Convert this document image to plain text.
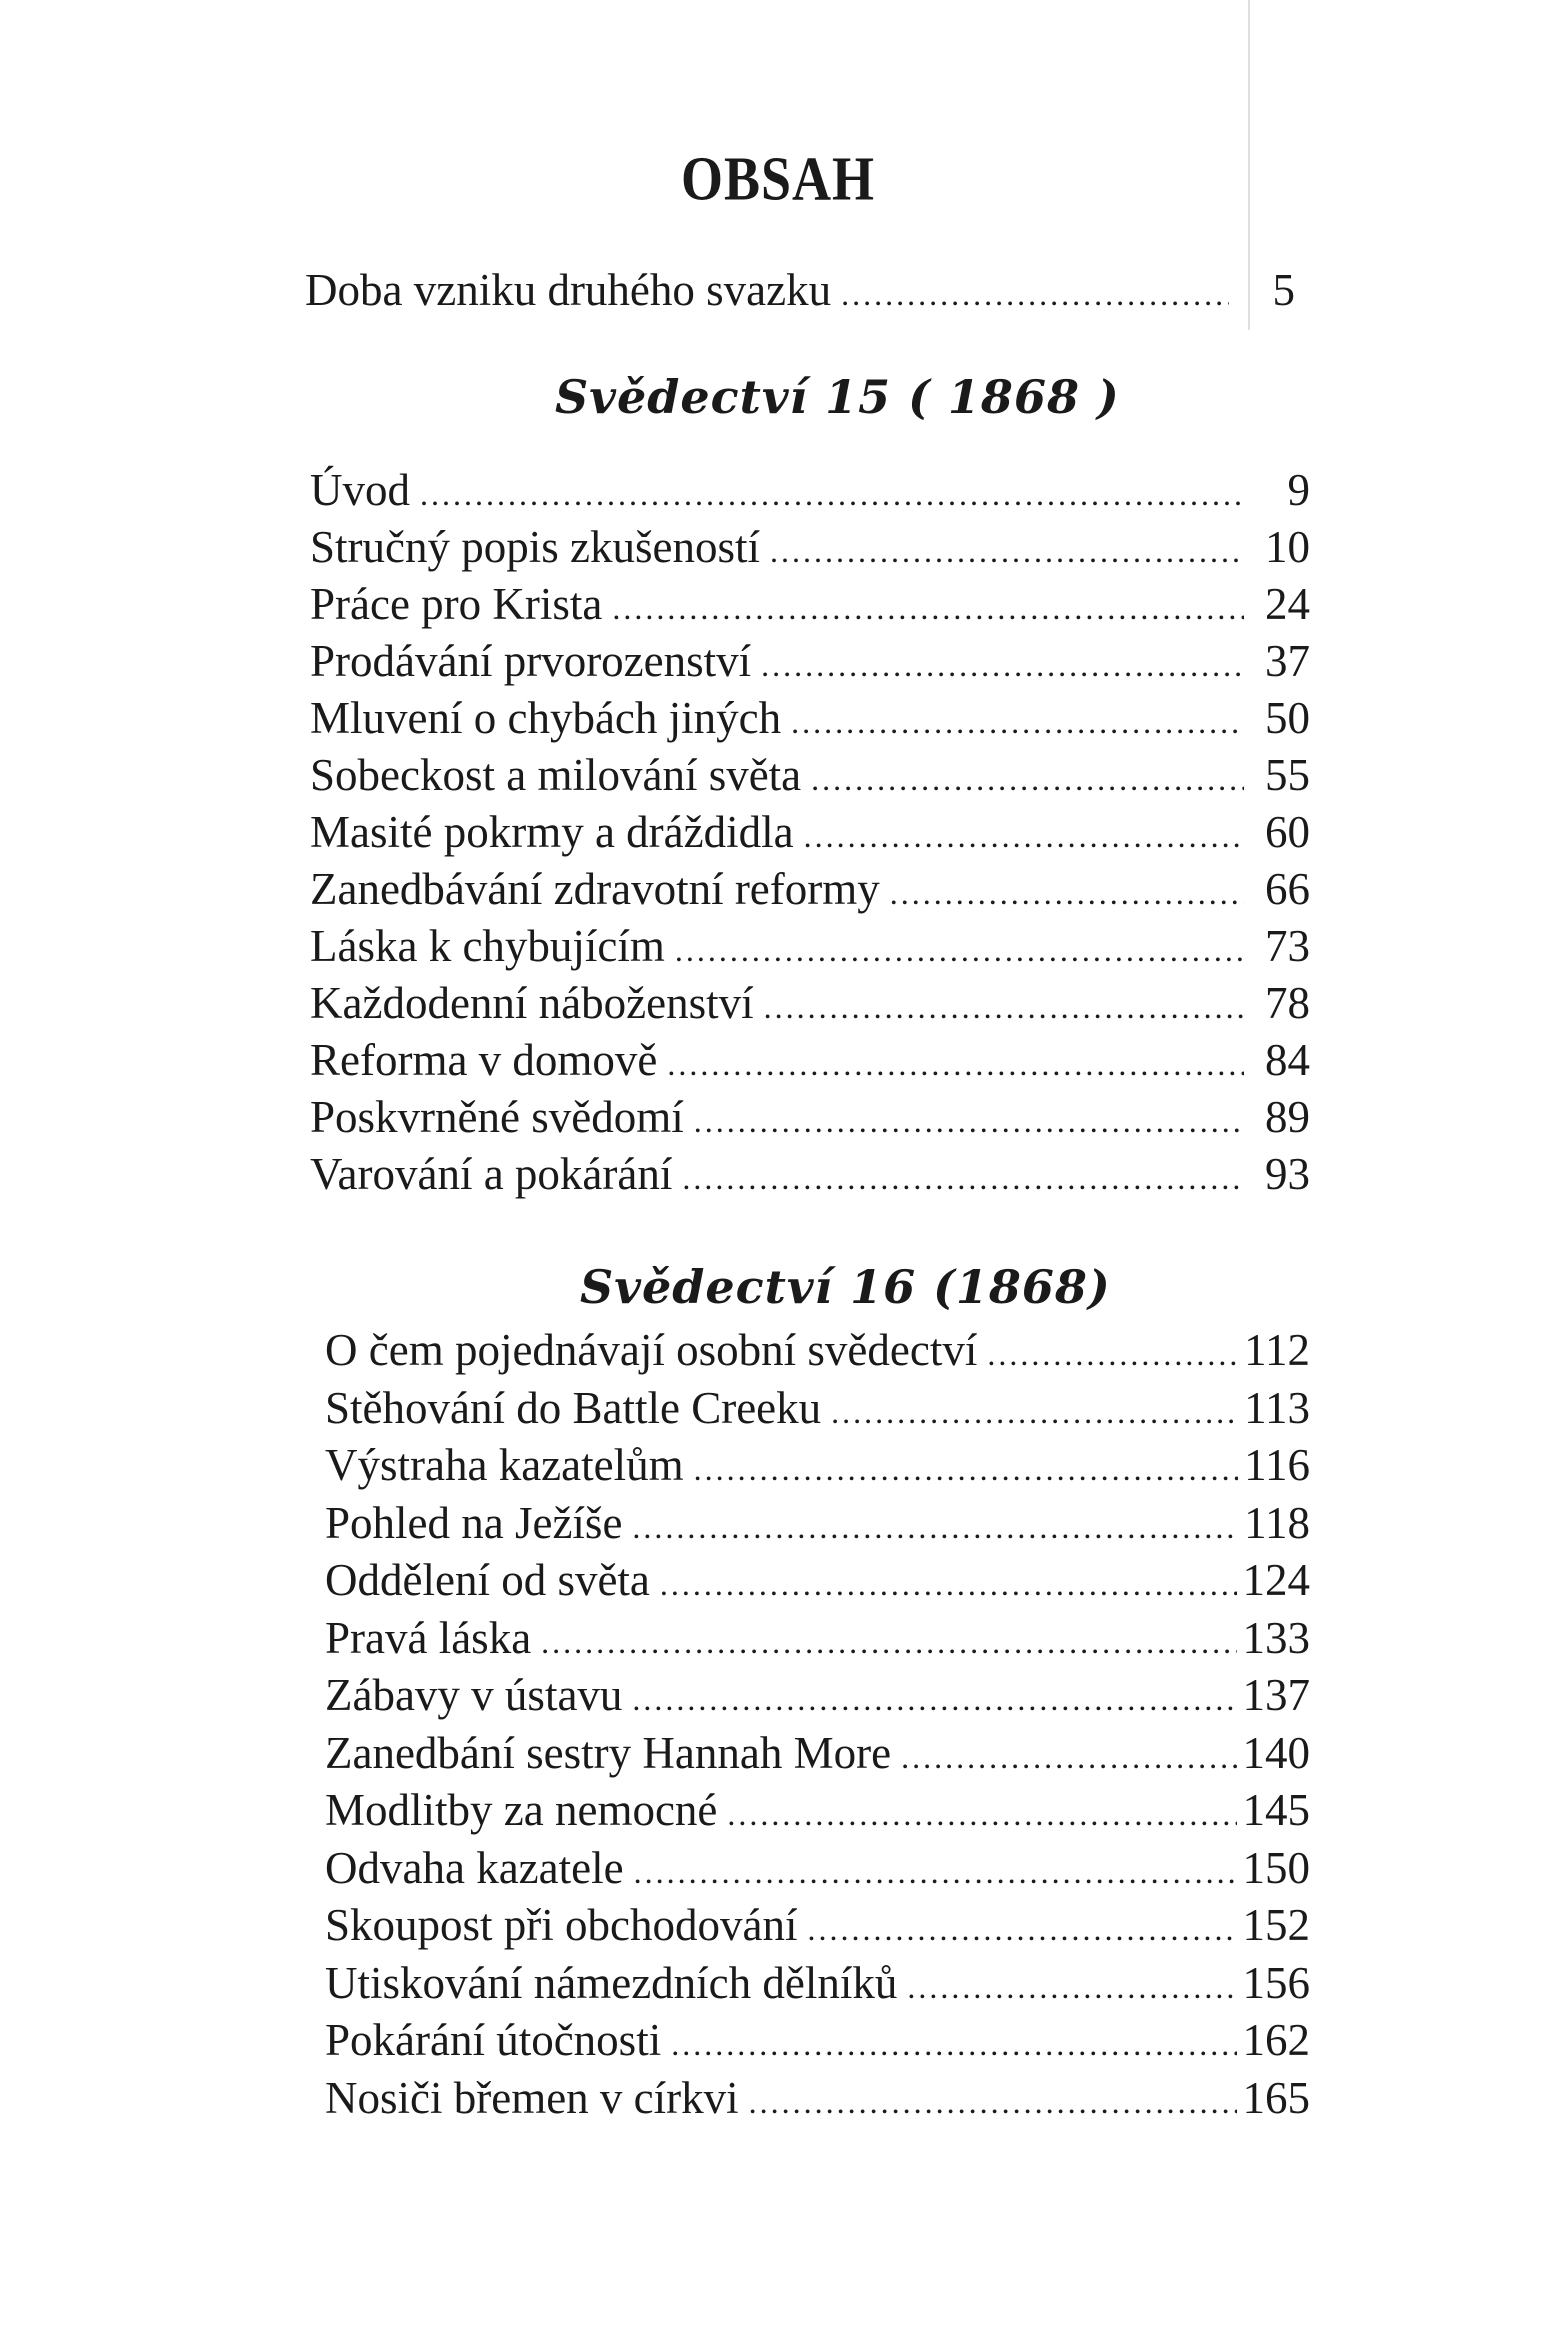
OBSAH
Doba vzniku druhého svazku .....	5
Svědectví 15 ( 1868 )
Úvod .....	9
Stručný popis zkušeností .....	10
Práce pro Krista .....	24
Prodávání prvorozenství .....	37
Mluvení o chybách jiných .....	50
Sobeckost a milování světa .....	55
Masité pokrmy a dráždidla .....	60
Zanedbávání zdravotní reformy .....	66
Láska k chybujícím .....	73
Každodenní náboženství .....	78
Reforma v domově .....	84
Poskvrněné svědomí .....	89
Varování a pokárání .....	93
Svědectví 16 (1868)
O čem pojednávají osobní svědectví .....	112
Stěhování do Battle Creeku .....	113
Výstraha kazatelům .....	116
Pohled na Ježíše .....	118
Oddělení od světa .....	124
Pravá láska .....	133
Zábavy v ústavu .....	137
Zanedbání sestry Hannah More .....	140
Modlitby za nemocné .....	145
Odvaha kazatele .....	150
Skoupost při obchodování .....	152
Utiskování námezdních dělníků .....	156
Pokárání útočnosti .....	162
Nosiči břemen v církvi .....	165
